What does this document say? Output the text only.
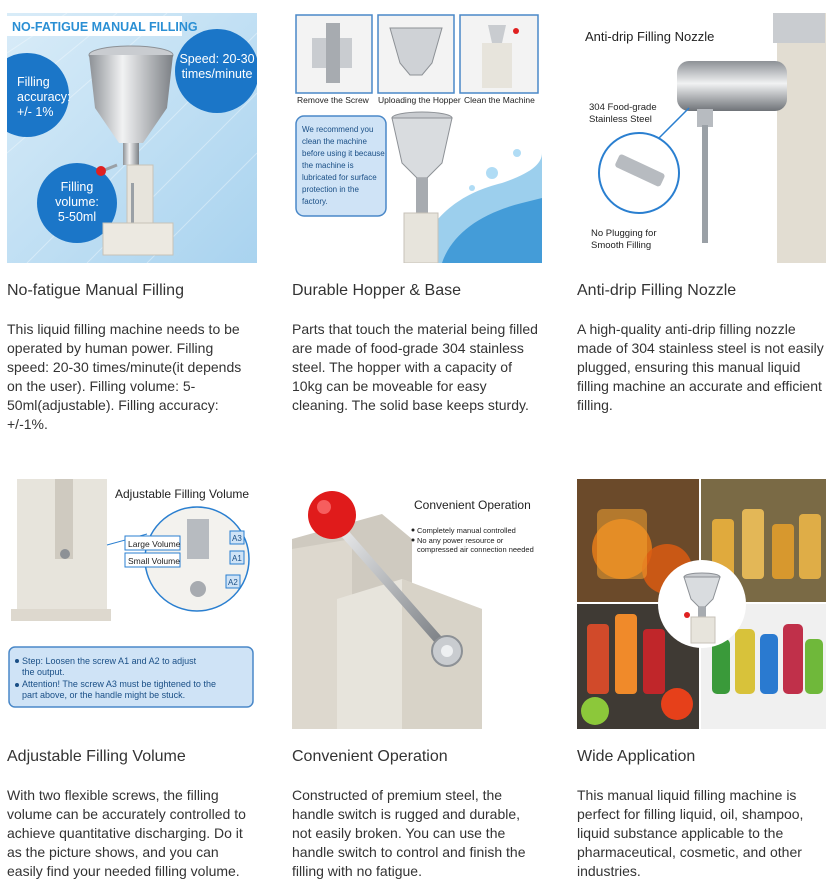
NO-FATIGUE MANUAL FILLING
Speed: 20-30
times/minute
Filling
accuracy:
+/- 1%
Filling
volume:
5-50ml
No-fatigue Manual Filling
This liquid filling machine needs to be operated by human power. Filling speed: 20-30 times/minute(it depends on the user). Filling volume: 5-50ml(adjustable). Filling accuracy: +/-1%.
Remove the Screw Uploading the Hopper Clean the Machine
We recommend you
clean the machine
before using it because
the machine is
lubricated for surface
protection in the
factory.
Durable Hopper & Base
Parts that touch the material being filled are made of food-grade 304 stainless steel. The hopper with a capacity of 10kg can be moveable for easy cleaning. The solid base keeps sturdy.
Anti-drip Filling Nozzle
304 Food-grade
Stainless Steel
No Plugging for
Smooth Filling
Anti-drip Filling Nozzle
A high-quality anti-drip filling nozzle made of 304 stainless steel is not easily plugged, ensuring this manual liquid filling machine an accurate and efficient filling.
Adjustable Filling Volume
Large Volume
Small Volume
A3
A1
A2
Step: Loosen the screw A1 and A2 to adjust
the output.
Attention! The screw A3 must be tightened to the
part above, or the handle might be stuck.
Adjustable Filling Volume
With two flexible screws, the filling volume can be accurately controlled to achieve quantitative discharging. Do it as the picture shows, and you can easily find your needed filling volume.
Convenient Operation
Completely manual controlled
No any power resource or
compressed air connection needed
Convenient Operation
Constructed of premium steel, the handle switch is rugged and durable, not easily broken. You can use the handle switch to control and finish the filling with no fatigue.
Wide Application
This manual liquid filling machine is perfect for filling liquid, oil, shampoo, liquid substance applicable to the pharmaceutical, cosmetic, and other industries.
